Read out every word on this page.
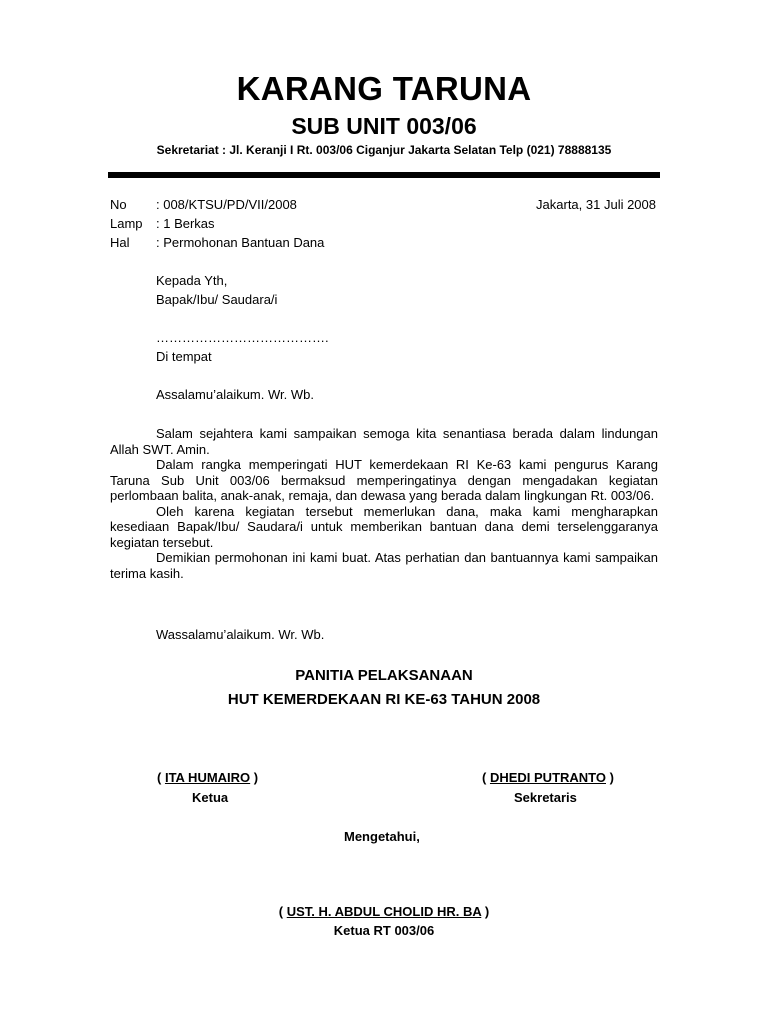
KARANG TARUNA
SUB UNIT 003/06
Sekretariat : Jl. Keranji I Rt. 003/06 Ciganjur Jakarta Selatan Telp (021) 78888135
No : 008/KTSU/PD/VII/2008
Lamp : 1 Berkas
Hal : Permohonan Bantuan Dana
Jakarta, 31 Juli 2008
Kepada Yth,
Bapak/Ibu/ Saudara/i
………………………………….
Di tempat
Assalamu’alaikum. Wr. Wb.

Salam sejahtera kami sampaikan semoga kita senantiasa berada dalam lindungan Allah SWT. Amin.

Dalam rangka memperingati HUT kemerdekaan RI Ke-63 kami pengurus Karang Taruna Sub Unit 003/06 bermaksud memperingatinya dengan mengadakan kegiatan perlombaan balita, anak-anak, remaja, dan dewasa yang berada dalam lingkungan Rt. 003/06.

Oleh karena kegiatan tersebut memerlukan dana, maka kami mengharapkan kesediaan Bapak/Ibu/ Saudara/i untuk memberikan bantuan dana demi terselenggaranya kegiatan tersebut.

Demikian permohonan ini kami buat. Atas perhatian dan bantuannya kami sampaikan terima kasih.

Wassalamu’alaikum. Wr. Wb.
PANITIA PELAKSANAAN
HUT KEMERDEKAAN RI KE-63 TAHUN 2008
( ITA HUMAIRO )
Ketua
( DHEDI PUTRANTO )
Sekretaris
Mengetahui,
( UST. H. ABDUL CHOLID HR. BA )
Ketua RT 003/06
